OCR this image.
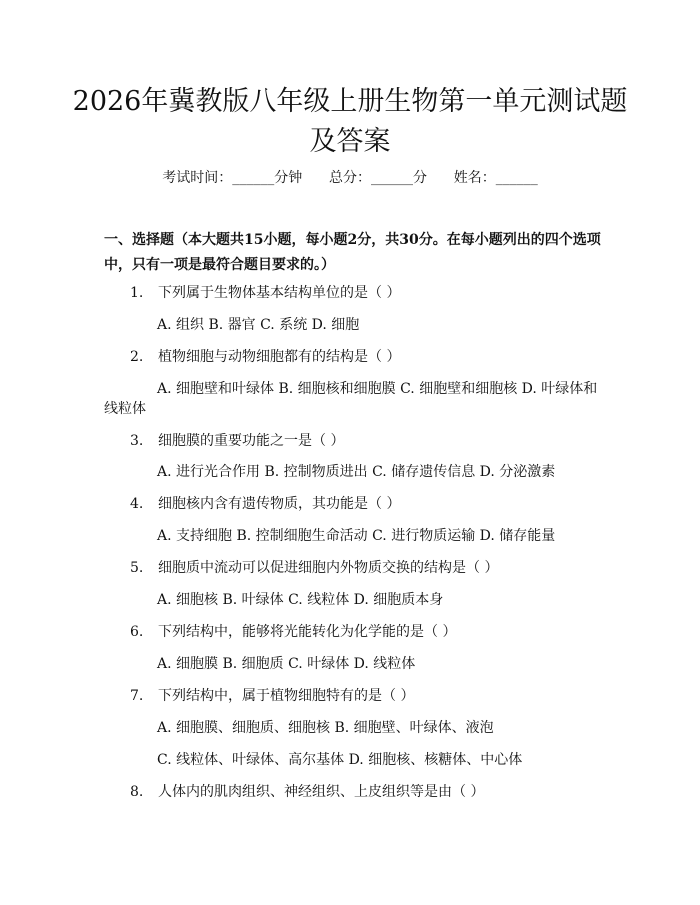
2026年冀教版八年级上册生物第一单元测试题及答案
考试时间：______分钟 总分：______分 姓名：______
一、选择题（本大题共15小题，每小题2分，共30分。在每小题列出的四个选项中，只有一项是最符合题目要求的。）
1. 下列属于生物体基本结构单位的是（ ）
A. 组织 B. 器官 C. 系统 D. 细胞
2. 植物细胞与动物细胞都有的结构是（ ）
A. 细胞壁和叶绿体 B. 细胞核和细胞膜 C. 细胞壁和细胞核 D. 叶绿体和线粒体
3. 细胞膜的重要功能之一是（ ）
A. 进行光合作用 B. 控制物质进出 C. 储存遗传信息 D. 分泌激素
4. 细胞核内含有遗传物质，其功能是（ ）
A. 支持细胞 B. 控制细胞生命活动 C. 进行物质运输 D. 储存能量
5. 细胞质中流动可以促进细胞内外物质交换的结构是（ ）
A. 细胞核 B. 叶绿体 C. 线粒体 D. 细胞质本身
6. 下列结构中，能够将光能转化为化学能的是（ ）
A. 细胞膜 B. 细胞质 C. 叶绿体 D. 线粒体
7. 下列结构中，属于植物细胞特有的是（ ）
A. 细胞膜、细胞质、细胞核 B. 细胞壁、叶绿体、液泡
C. 线粒体、叶绿体、高尔基体 D. 细胞核、核糖体、中心体
8. 人体内的肌肉组织、神经组织、上皮组织等是由（ ）
